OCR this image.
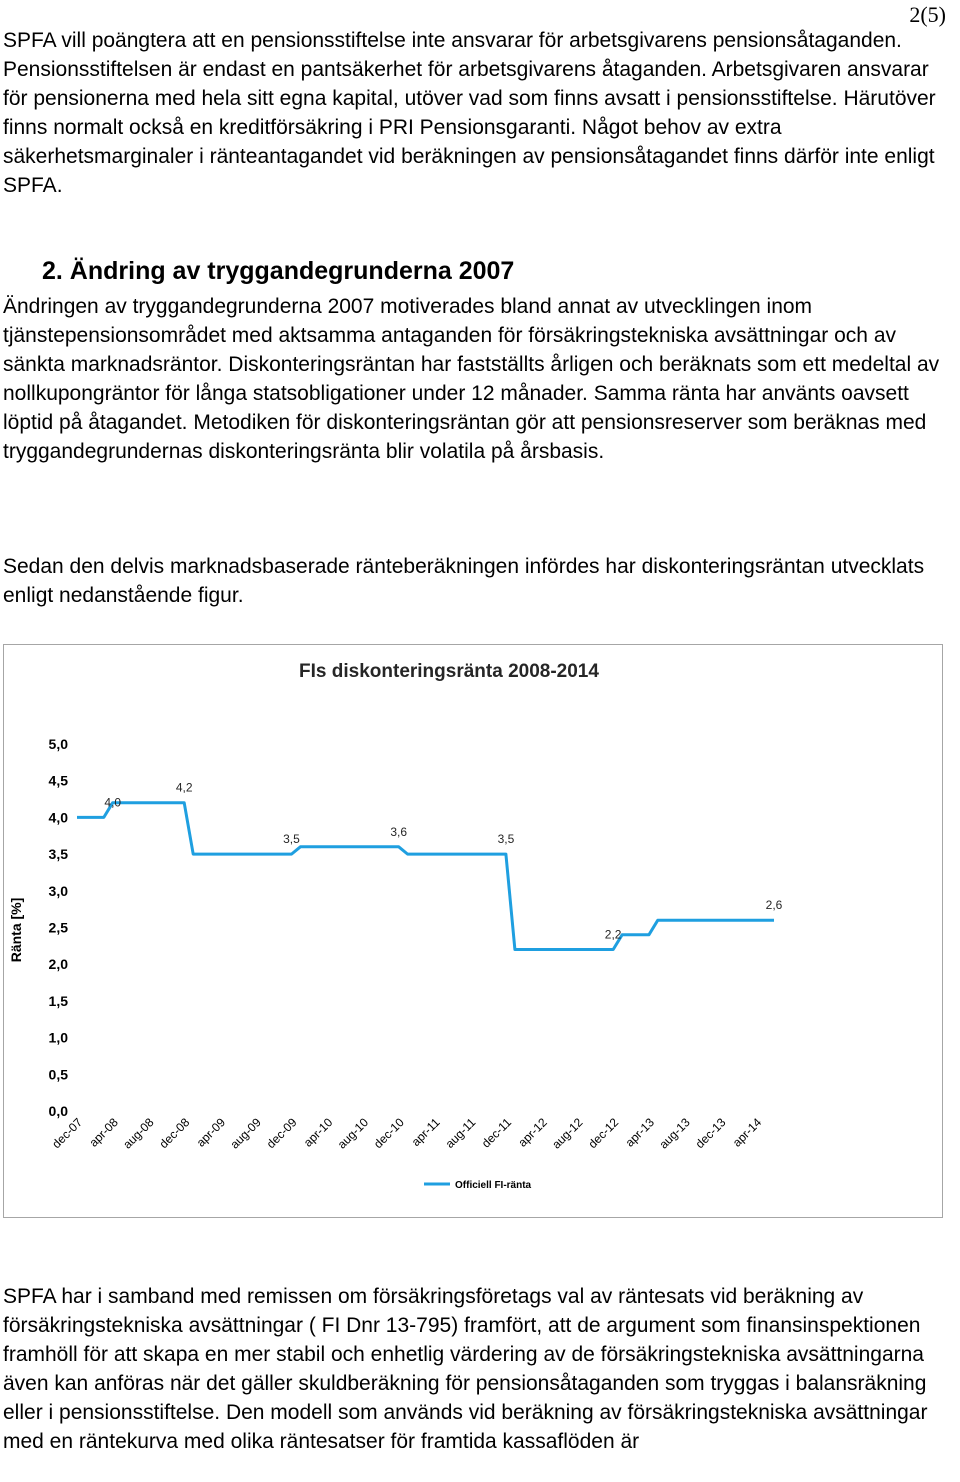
2(5)

SPFA vill poängtera att en pensionsstiftelse inte ansvarar för arbetsgivarens pensionsåtaganden. Pensionsstiftelsen är endast en pantsäkerhet för arbetsgivarens åtaganden. Arbetsgivaren ansvarar för pensionerna med hela sitt egna kapital, utöver vad som finns avsatt i pensionsstiftelse. Härutöver finns normalt också en kreditförsäkring i PRI Pensionsgaranti. Något behov av extra säkerhetsmarginaler i ränteantagandet vid beräkningen av pensionsåtagandet finns därför inte enligt SPFA.

2. Ändring av tryggandegrunderna 2007

Ändringen av tryggandegrunderna 2007 motiverades bland annat av utvecklingen inom tjänstepensionsområdet med aktsamma antaganden för försäkringstekniska avsättningar och av sänkta marknadsräntor. Diskonteringsräntan har fastställts årligen och beräknats som ett medeltal av nollkupongräntor för långa statsobligationer under 12 månader. Samma ränta har använts oavsett löptid på åtagandet. Metodiken för diskonteringsräntan gör att pensionsreserver som beräknas med tryggandegrundernas diskonteringsränta blir volatila på årsbasis.

Sedan den delvis marknadsbaserade ränteberäkningen infördes har diskonteringsräntan utvecklats enligt nedanstående figur.

FIs diskonteringsränta 2008-2014
Ränta [%]
0,0
0,5
1,0
1,5
2,0
2,5
3,0
3,5
4,0
4,5
5,0
dec-07 apr-08 aug-08 dec-08 apr-09 aug-09 dec-09 apr-10 aug-10 dec-10 apr-11 aug-11 dec-11 apr-12 aug-12 dec-12 apr-13 aug-13 dec-13 apr-14
4,0
4,2
3,5
3,6
3,5
2,2
2,6
Officiell FI-ränta

SPFA har i samband med remissen om försäkringsföretags val av räntesats vid beräkning av försäkringstekniska avsättningar ( FI Dnr 13-795) framfört, att de argument som finansinspektionen framhöll för att skapa en mer stabil och enhetlig värdering av de försäkringstekniska avsättningarna även kan anföras när det gäller skuldberäkning för pensionsåtaganden som tryggas i balansräkning eller i pensionsstiftelse. Den modell som används vid beräkning av försäkringstekniska avsättningar med en räntekurva med olika räntesatser för framtida kassaflöden är
